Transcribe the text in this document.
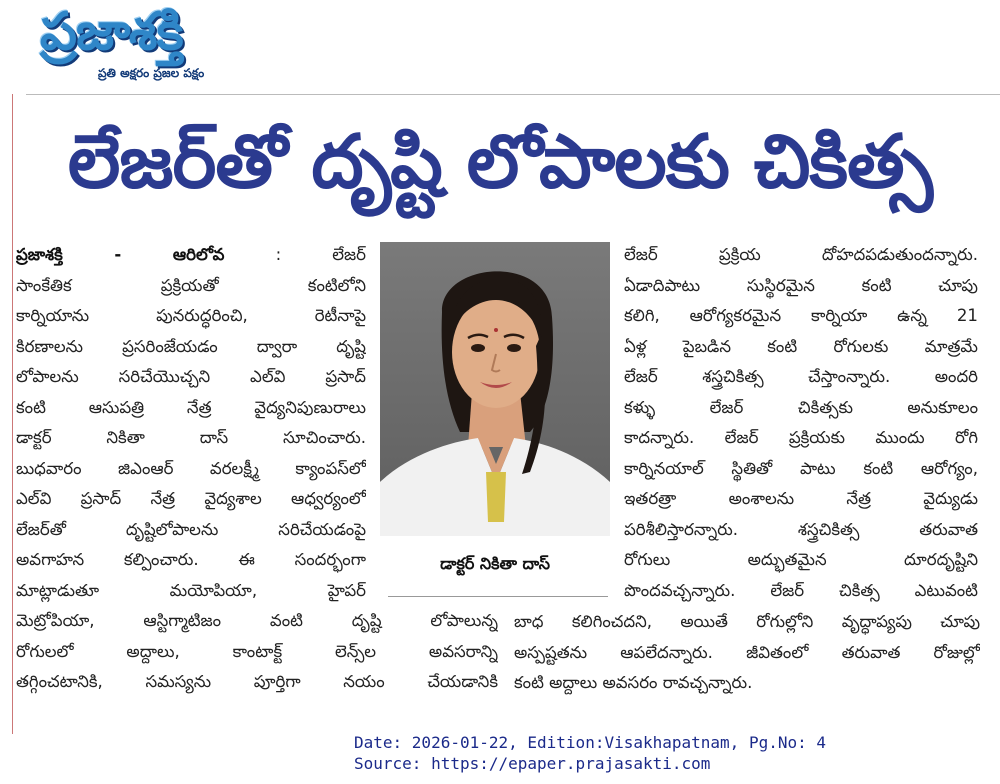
ప్రజాశక్తి
ప్రతి అక్షరం ప్రజల పక్షం
లేజర్‌తో దృష్టి లోపాలకు చికిత్స
ప్రజాశక్తి - ఆరిలోవ	: లేజర్
సాంకేతిక ప్రక్రియతో కంటిలోని
కార్నియాను పునరుద్ధరించి, రెటీనాపై
కిరణాలను ప్రసరింజేయడం ద్వారా దృష్టి
లోపాలను సరిచేయొచ్చని ఎల్‌వి ప్రసాద్
కంటి ఆసుపత్రి నేత్ర వైద్యనిపుణురాలు
డాక్టర్ నికితా దాస్ సూచించారు.
బుధవారం జిఎంఆర్ వరలక్ష్మీ క్యాంపస్‌లో
ఎల్‌వి ప్రసాద్ నేత్ర వైద్యశాల ఆధ్వర్యంలో
లేజర్‌తో దృష్టిలోపాలను సరిచేయడంపై
అవగాహన కల్పించారు. ఈ సందర్భంగా
మాట్లాడుతూ మయోపియా, హైపర్
మెట్రోపియా, ఆస్టిగ్మాటిజం వంటి దృష్టి లోపాలున్న
రోగులలో అద్దాలు, కాంటాక్ట్ లెన్స్‌ల అవసరాన్ని
తగ్గించటానికి, సమస్యను పూర్తిగా నయం చేయడానికి
డాక్టర్ నికితా దాస్
లేజర్ ప్రక్రియ దోహదపడుతుందన్నారు.
ఏడాదిపాటు సుస్థిరమైన కంటి చూపు
కలిగి, ఆరోగ్యకరమైన కార్నియా ఉన్న 21
ఏళ్ల పైబడిన కంటి రోగులకు మాత్రమే
లేజర్ శస్త్రచికిత్స చేస్తాంన్నారు. అందరి
కళ్ళు లేజర్ చికిత్సకు అనుకూలం
కాదన్నారు. లేజర్ ప్రక్రియకు ముందు రోగి
కార్నినయాల్ స్థితితో పాటు కంటి ఆరోగ్యం,
ఇతరత్రా అంశాలను నేత్ర వైద్యుడు
పరిశీలిస్తారన్నారు. శస్త్రచికిత్స తరువాత
రోగులు అద్భుతమైన దూరదృష్టిని
పొందవచ్చన్నారు. లేజర్ చికిత్స ఎటువంటి
బాధ కలిగించదని, అయితే రోగుల్లోని వృద్ధాప్యపు చూపు
అస్పష్టతను ఆపలేదన్నారు. జీవితంలో తరువాత రోజుల్లో
కంటి అద్దాలు అవసరం రావచ్చన్నారు.
Date: 2026-01-22, Edition:Visakhapatnam, Pg.No: 4
Source: https://epaper.prajasakti.com
